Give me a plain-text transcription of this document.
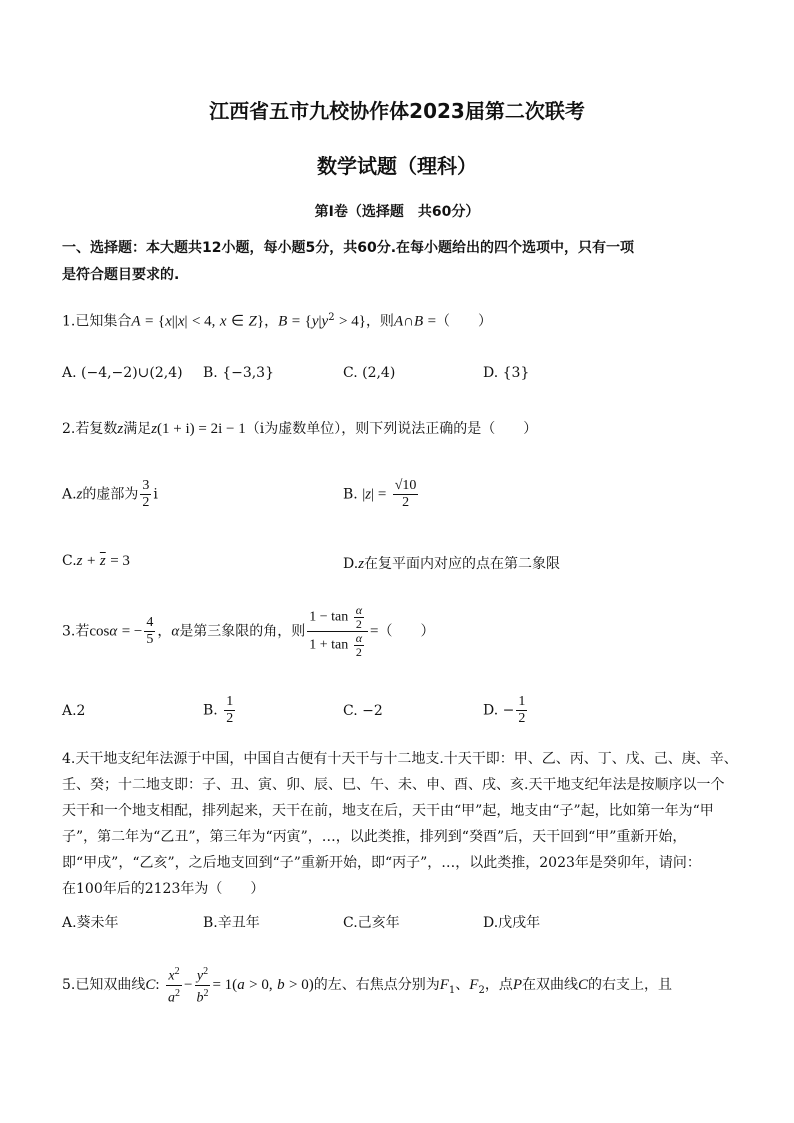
江西省五市九校协作体2023届第二次联考
数学试题（理科）
第Ⅰ卷（选择题　共60分）
一、选择题：本大题共12小题，每小题5分，共60分.在每小题给出的四个选项中，只有一项
是符合题目要求的.
1.已知集合A = {x||x| < 4, x ∈ Z}，$B = \{y|y^2 > 4\}$，则A∩B =（　　）
A. (−4,−2)∪(2,4) B. {−3,3}	C. (2,4)	D. {3}
2.若复数z满足z(1 + i) = 2i − 1（i为虚数单位），则下列说法正确的是（　　）
A.z的虚部为 $\frac{3}{2}$ i	B. $|z| = \frac{√10}{2}$
$C.z + \overline{z} = 3$	D.z在复平面内对应的点在第二象限
3.若cosα = − $\frac{4}{5}$ ，α是第三象限的角，则 $\frac{1 - \tan \frac{\alpha}{2}}{1 + \tan \frac{\alpha}{2}}$ =（　　）
A.2	B. $\frac{1}{2}$	C. −2	D. − $\frac{1}{2}$
4.天干地支纪年法源于中国，中国自古便有十天干与十二地支.十天干即：甲、乙、丙、丁、戊、己、庚、辛、
壬、癸；十二地支即：子、丑、寅、卯、辰、巳、午、未、申、酉、戌、亥.天干地支纪年法是按顺序以一个
天干和一个地支相配，排列起来，天干在前，地支在后，天干由“甲”起，地支由“子”起，比如第一年为“甲
子”，第二年为“乙丑”，第三年为“丙寅”，…，以此类推，排列到“癸酉”后，天干回到“甲”重新开始，
即“甲戌”，“乙亥”，之后地支回到“子”重新开始，即“丙子”，…，以此类推，2023年是癸卯年，请问：
在100年后的2123年为（　　）
A.葵未年	B.辛丑年	C.己亥年	D.戊戌年
5.已知双曲线C: $\frac{x^2}{a^2} - \frac{y^2}{b^2} = 1(a > 0$, b > 0)的左、右焦点分别为$F_1$、$F_2$，点P在双曲线C的右支上，且
